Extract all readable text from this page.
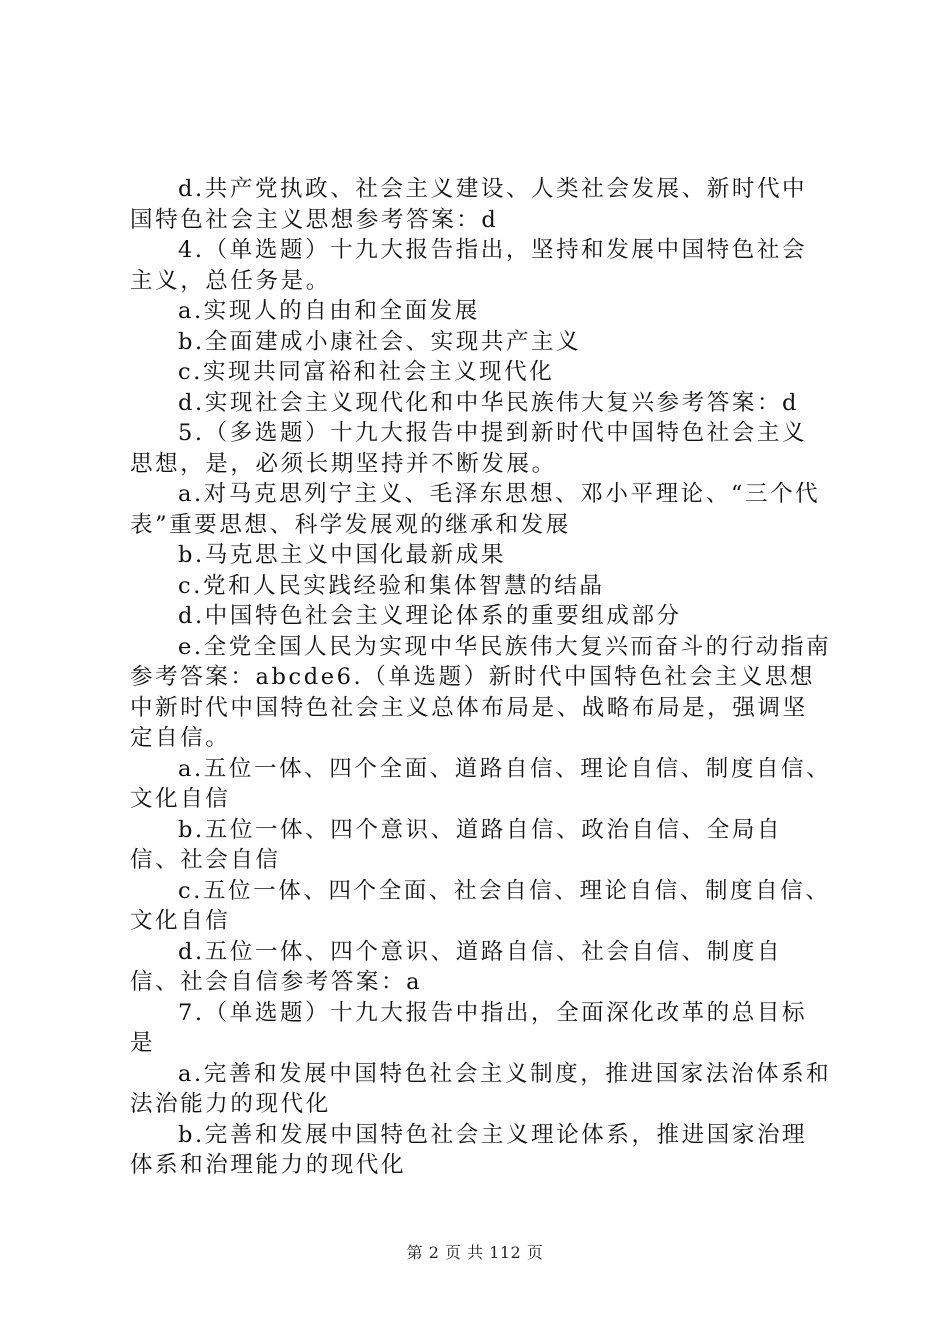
d.共产党执政、社会主义建设、人类社会发展、新时代中国特色社会主义思想参考答案：d

4.（单选题）十九大报告指出，坚持和发展中国特色社会主义，总任务是。

a.实现人的自由和全面发展

b.全面建成小康社会、实现共产主义

c.实现共同富裕和社会主义现代化

d.实现社会主义现代化和中华民族伟大复兴参考答案：d

5.（多选题）十九大报告中提到新时代中国特色社会主义思想，是，必须长期坚持并不断发展。

a.对马克思列宁主义、毛泽东思想、邓小平理论、“三个代表”重要思想、科学发展观的继承和发展

b.马克思主义中国化最新成果

c.党和人民实践经验和集体智慧的结晶

d.中国特色社会主义理论体系的重要组成部分

e.全党全国人民为实现中华民族伟大复兴而奋斗的行动指南参考答案：abcde6.（单选题）新时代中国特色社会主义思想中新时代中国特色社会主义总体布局是、战略布局是，强调坚定自信。

a.五位一体、四个全面、道路自信、理论自信、制度自信、文化自信

b.五位一体、四个意识、道路自信、政治自信、全局自信、社会自信

c.五位一体、四个全面、社会自信、理论自信、制度自信、文化自信

d.五位一体、四个意识、道路自信、社会自信、制度自信、社会自信参考答案：a

7.（单选题）十九大报告中指出，全面深化改革的总目标是

a.完善和发展中国特色社会主义制度，推进国家法治体系和法治能力的现代化

b.完善和发展中国特色社会主义理论体系，推进国家治理体系和治理能力的现代化

第 2 页 共 112 页
